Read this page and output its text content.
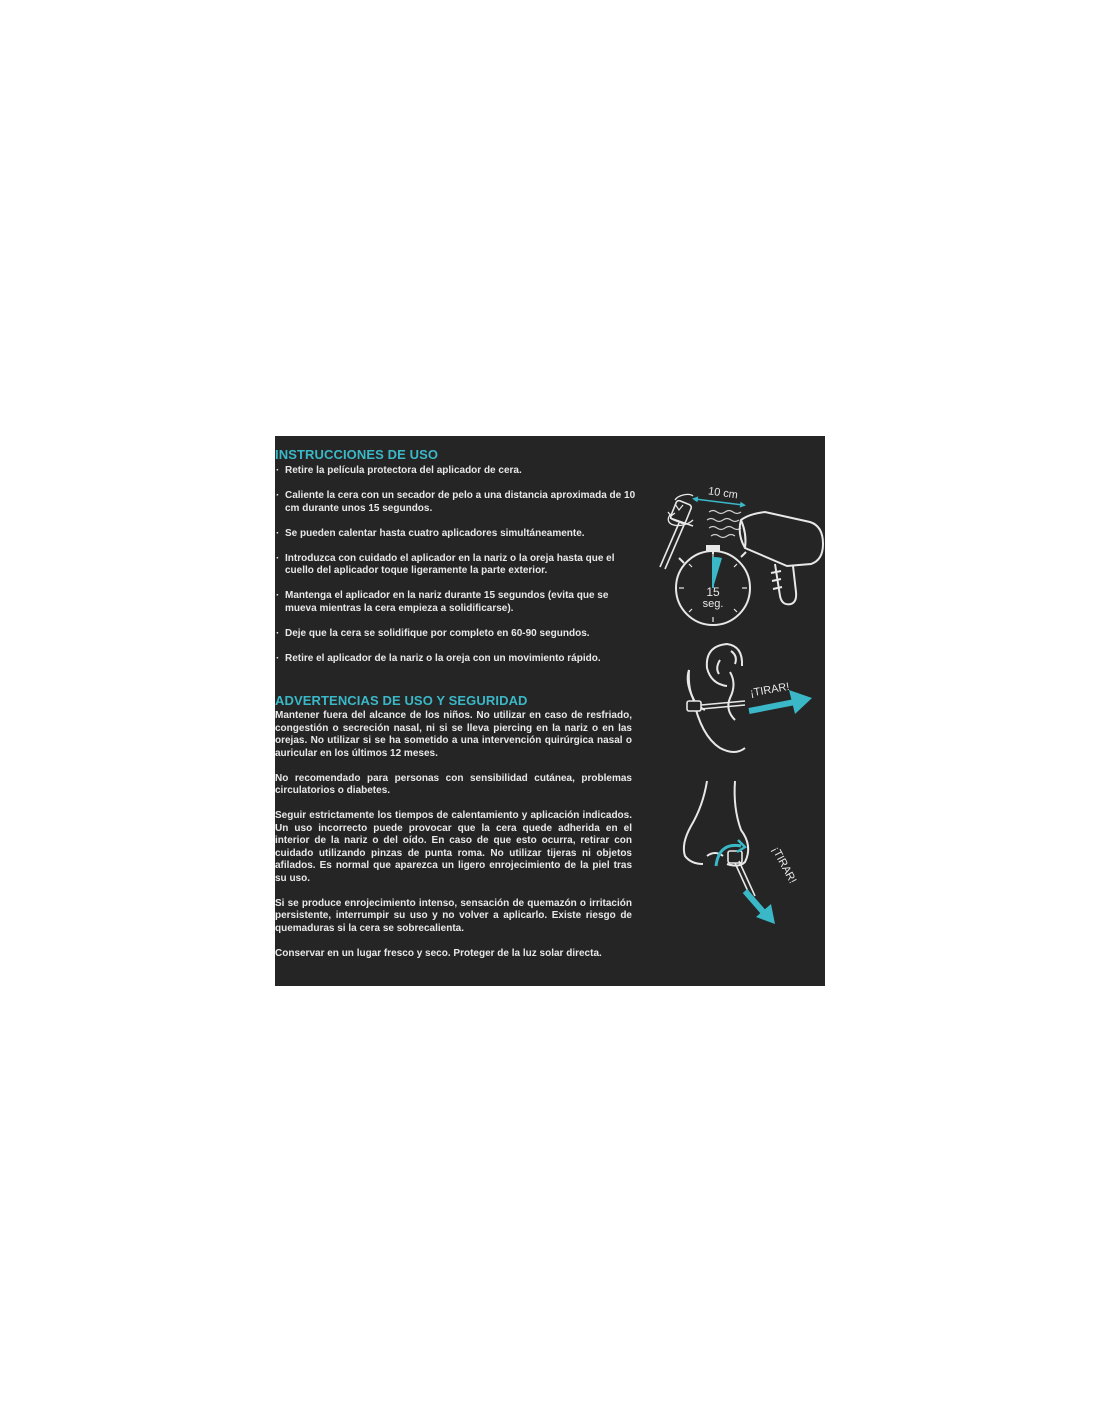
INSTRUCCIONES DE USO
· Retire la película protectora del aplicador de cera.
· Caliente la cera con un secador de pelo a una distancia aproximada de 10 cm durante unos 15 segundos.
· Se pueden calentar hasta cuatro aplicadores simultáneamente.
· Introduzca con cuidado el aplicador en la nariz o la oreja hasta que el cuello del aplicador toque ligeramente la parte exterior.
· Mantenga el aplicador en la nariz durante 15 segundos (evita que se mueva mientras la cera empieza a solidificarse).
· Deje que la cera se solidifique por completo en 60-90 segundos.
· Retire el aplicador de la nariz o la oreja con un movimiento rápido.
ADVERTENCIAS DE USO Y SEGURIDAD

Mantener fuera del alcance de los niños. No utilizar en caso de resfriado, congestión o secreción nasal, ni si se lleva piercing en la nariz o en las orejas. No utilizar si se ha sometido a una intervención quirúrgica nasal o auricular en los últimos 12 meses.

No recomendado para personas con sensibilidad cutánea, problemas circulatorios o diabetes.

Seguir estrictamente los tiempos de calentamiento y aplicación indicados. Un uso incorrecto puede provocar que la cera quede adherida en el interior de la nariz o del oído. En caso de que esto ocurra, retirar con cuidado utilizando pinzas de punta roma. No utilizar tijeras ni objetos afilados. Es normal que aparezca un ligero enrojecimiento de la piel tras su uso.

Si se produce enrojecimiento intenso, sensación de quemazón o irritación persistente, interrumpir su uso y no volver a aplicarlo. Existe riesgo de quemaduras si la cera se sobrecalienta.

Conservar en un lugar fresco y seco. Proteger de la luz solar directa.

10 cm
15
seg.
¡TIRAR!
¡TIRAR!
